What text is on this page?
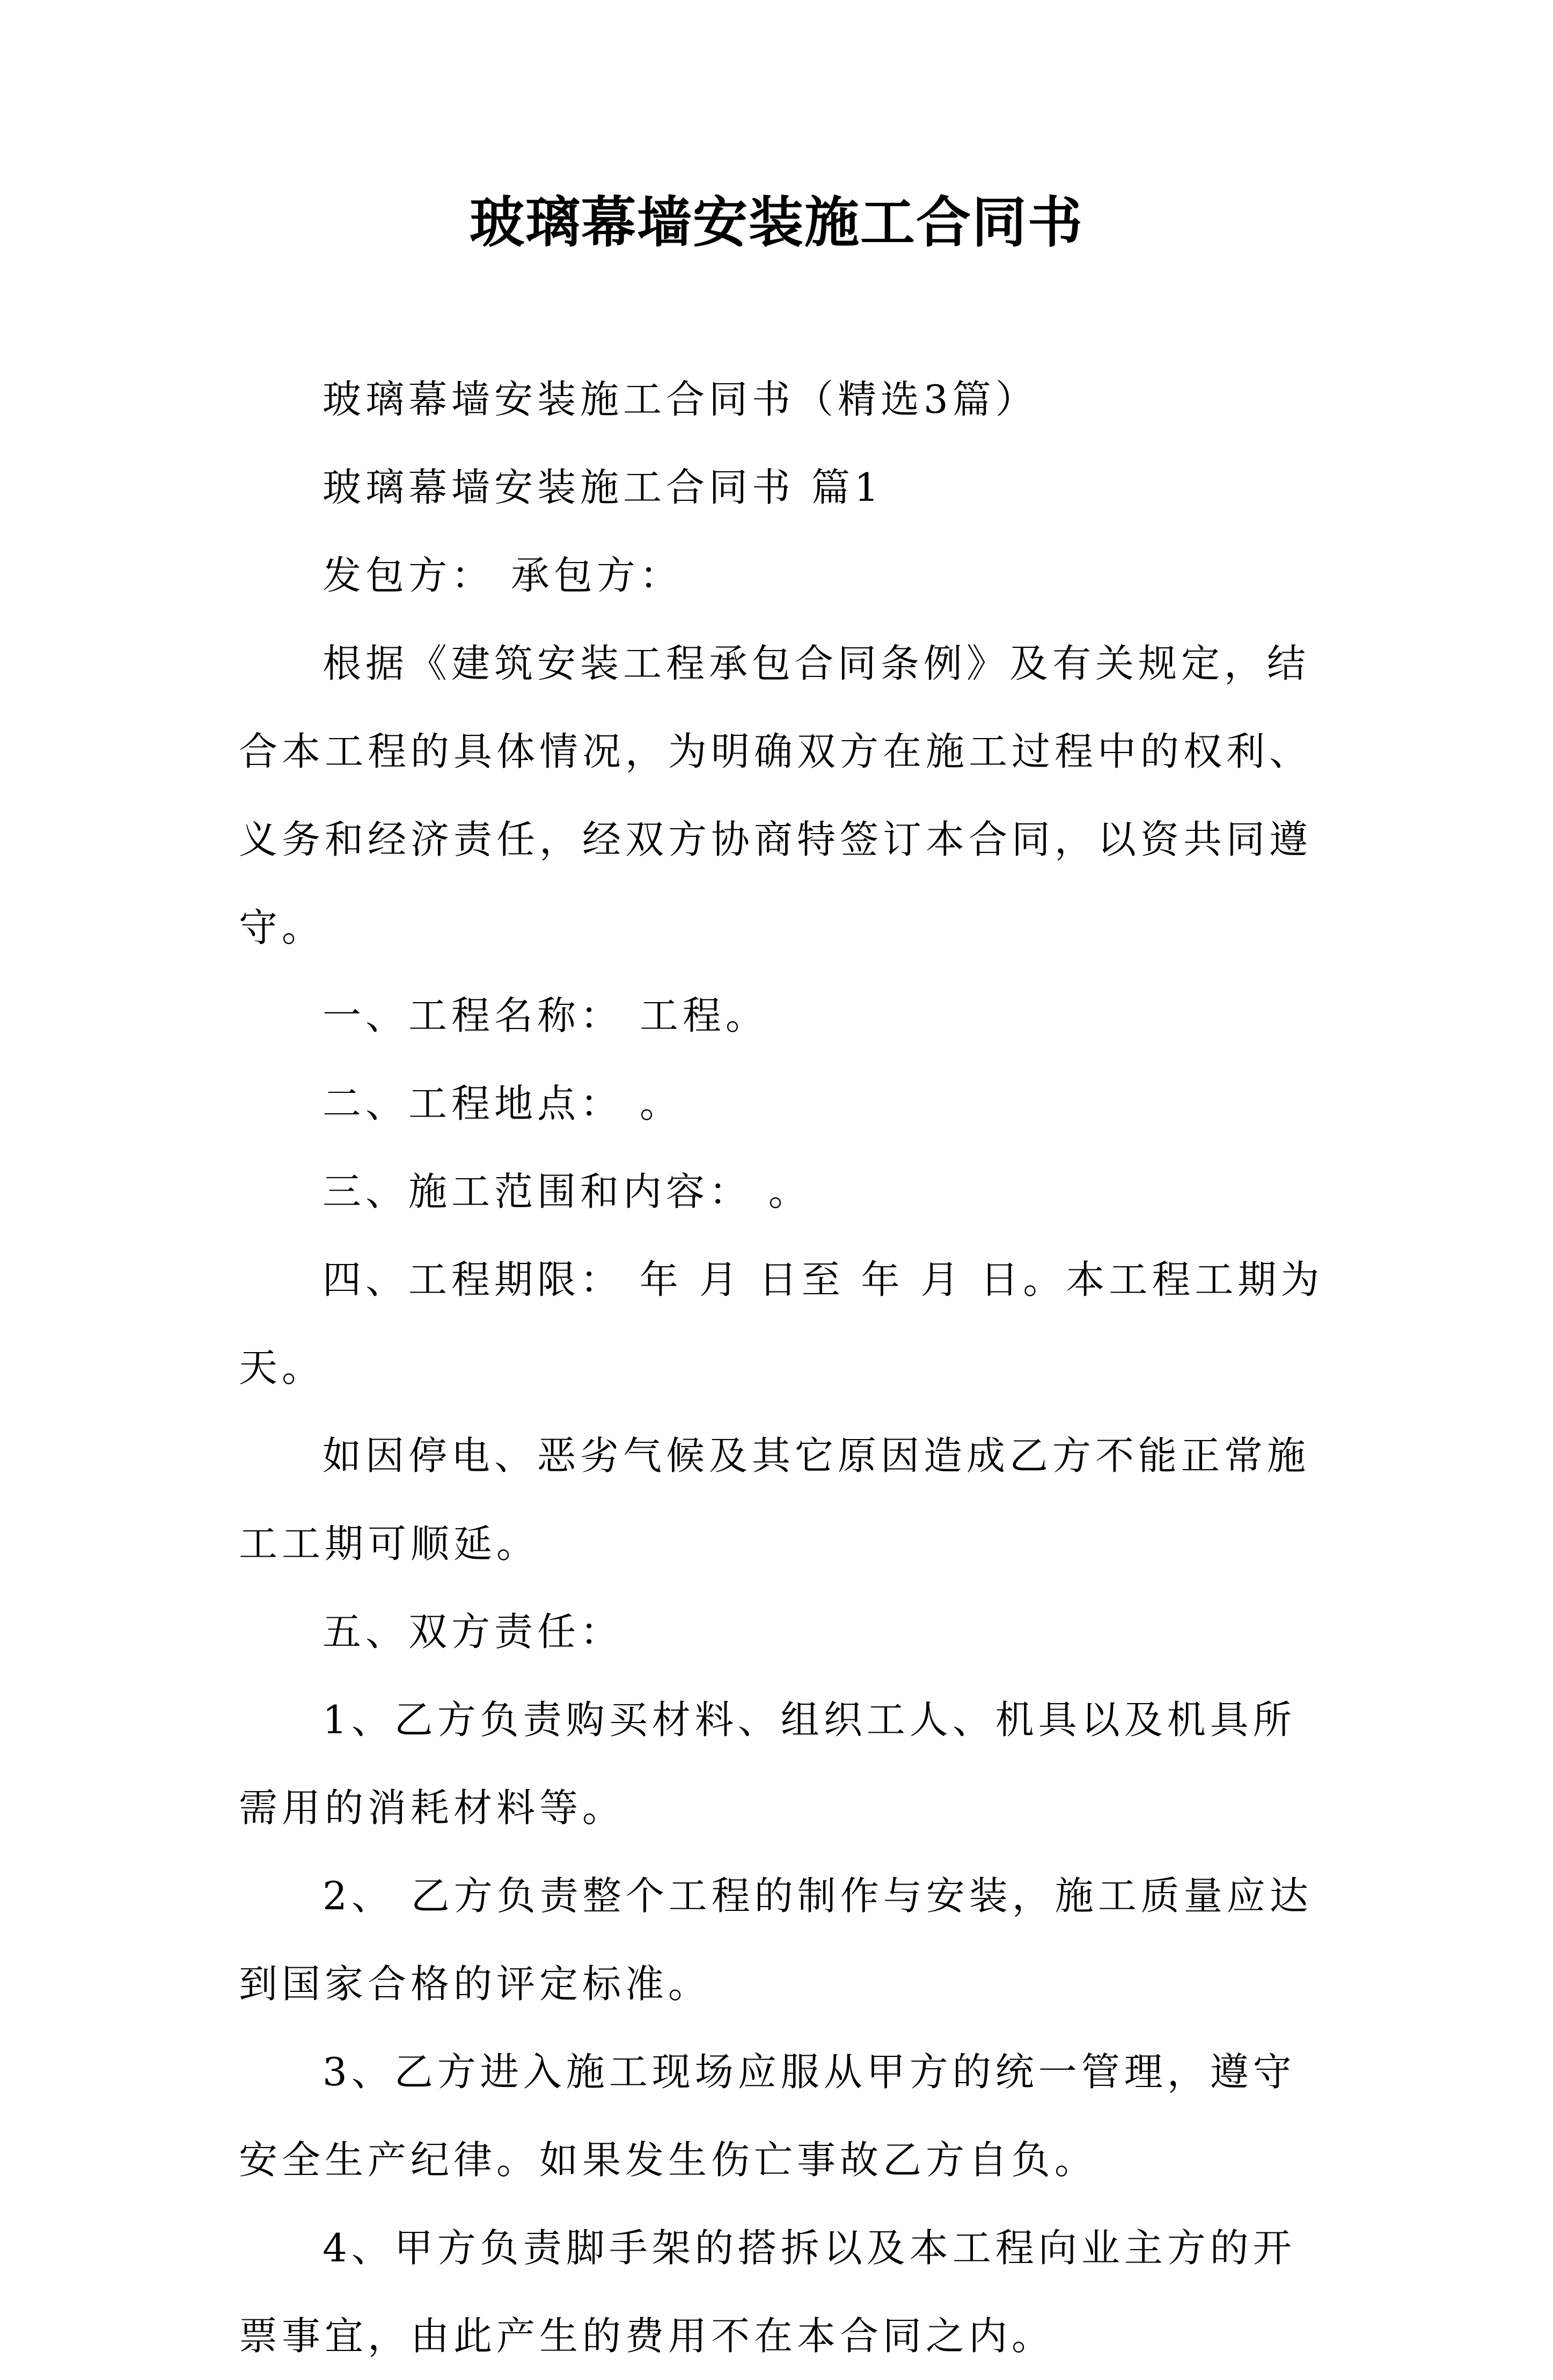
玻璃幕墙安装施工合同书

玻璃幕墙安装施工合同书（精选3篇）

玻璃幕墙安装施工合同书 篇1

发包方： 承包方：

根据《建筑安装工程承包合同条例》及有关规定，结合本工程的具体情况，为明确双方在施工过程中的权利、义务和经济责任，经双方协商特签订本合同，以资共同遵守。

一、工程名称： 工程。

二、工程地点： 。

三、施工范围和内容： 。

四、工程期限： 年 月 日至 年 月 日。本工程工期为天。

如因停电、恶劣气候及其它原因造成乙方不能正常施工工期可顺延。

五、双方责任：

1、乙方负责购买材料、组织工人、机具以及机具所需用的消耗材料等。

2、 乙方负责整个工程的制作与安装，施工质量应达到国家合格的评定标准。

3、乙方进入施工现场应服从甲方的统一管理，遵守安全生产纪律。如果发生伤亡事故乙方自负。

4、甲方负责脚手架的搭拆以及本工程向业主方的开票事宜，由此产生的费用不在本合同之内。
